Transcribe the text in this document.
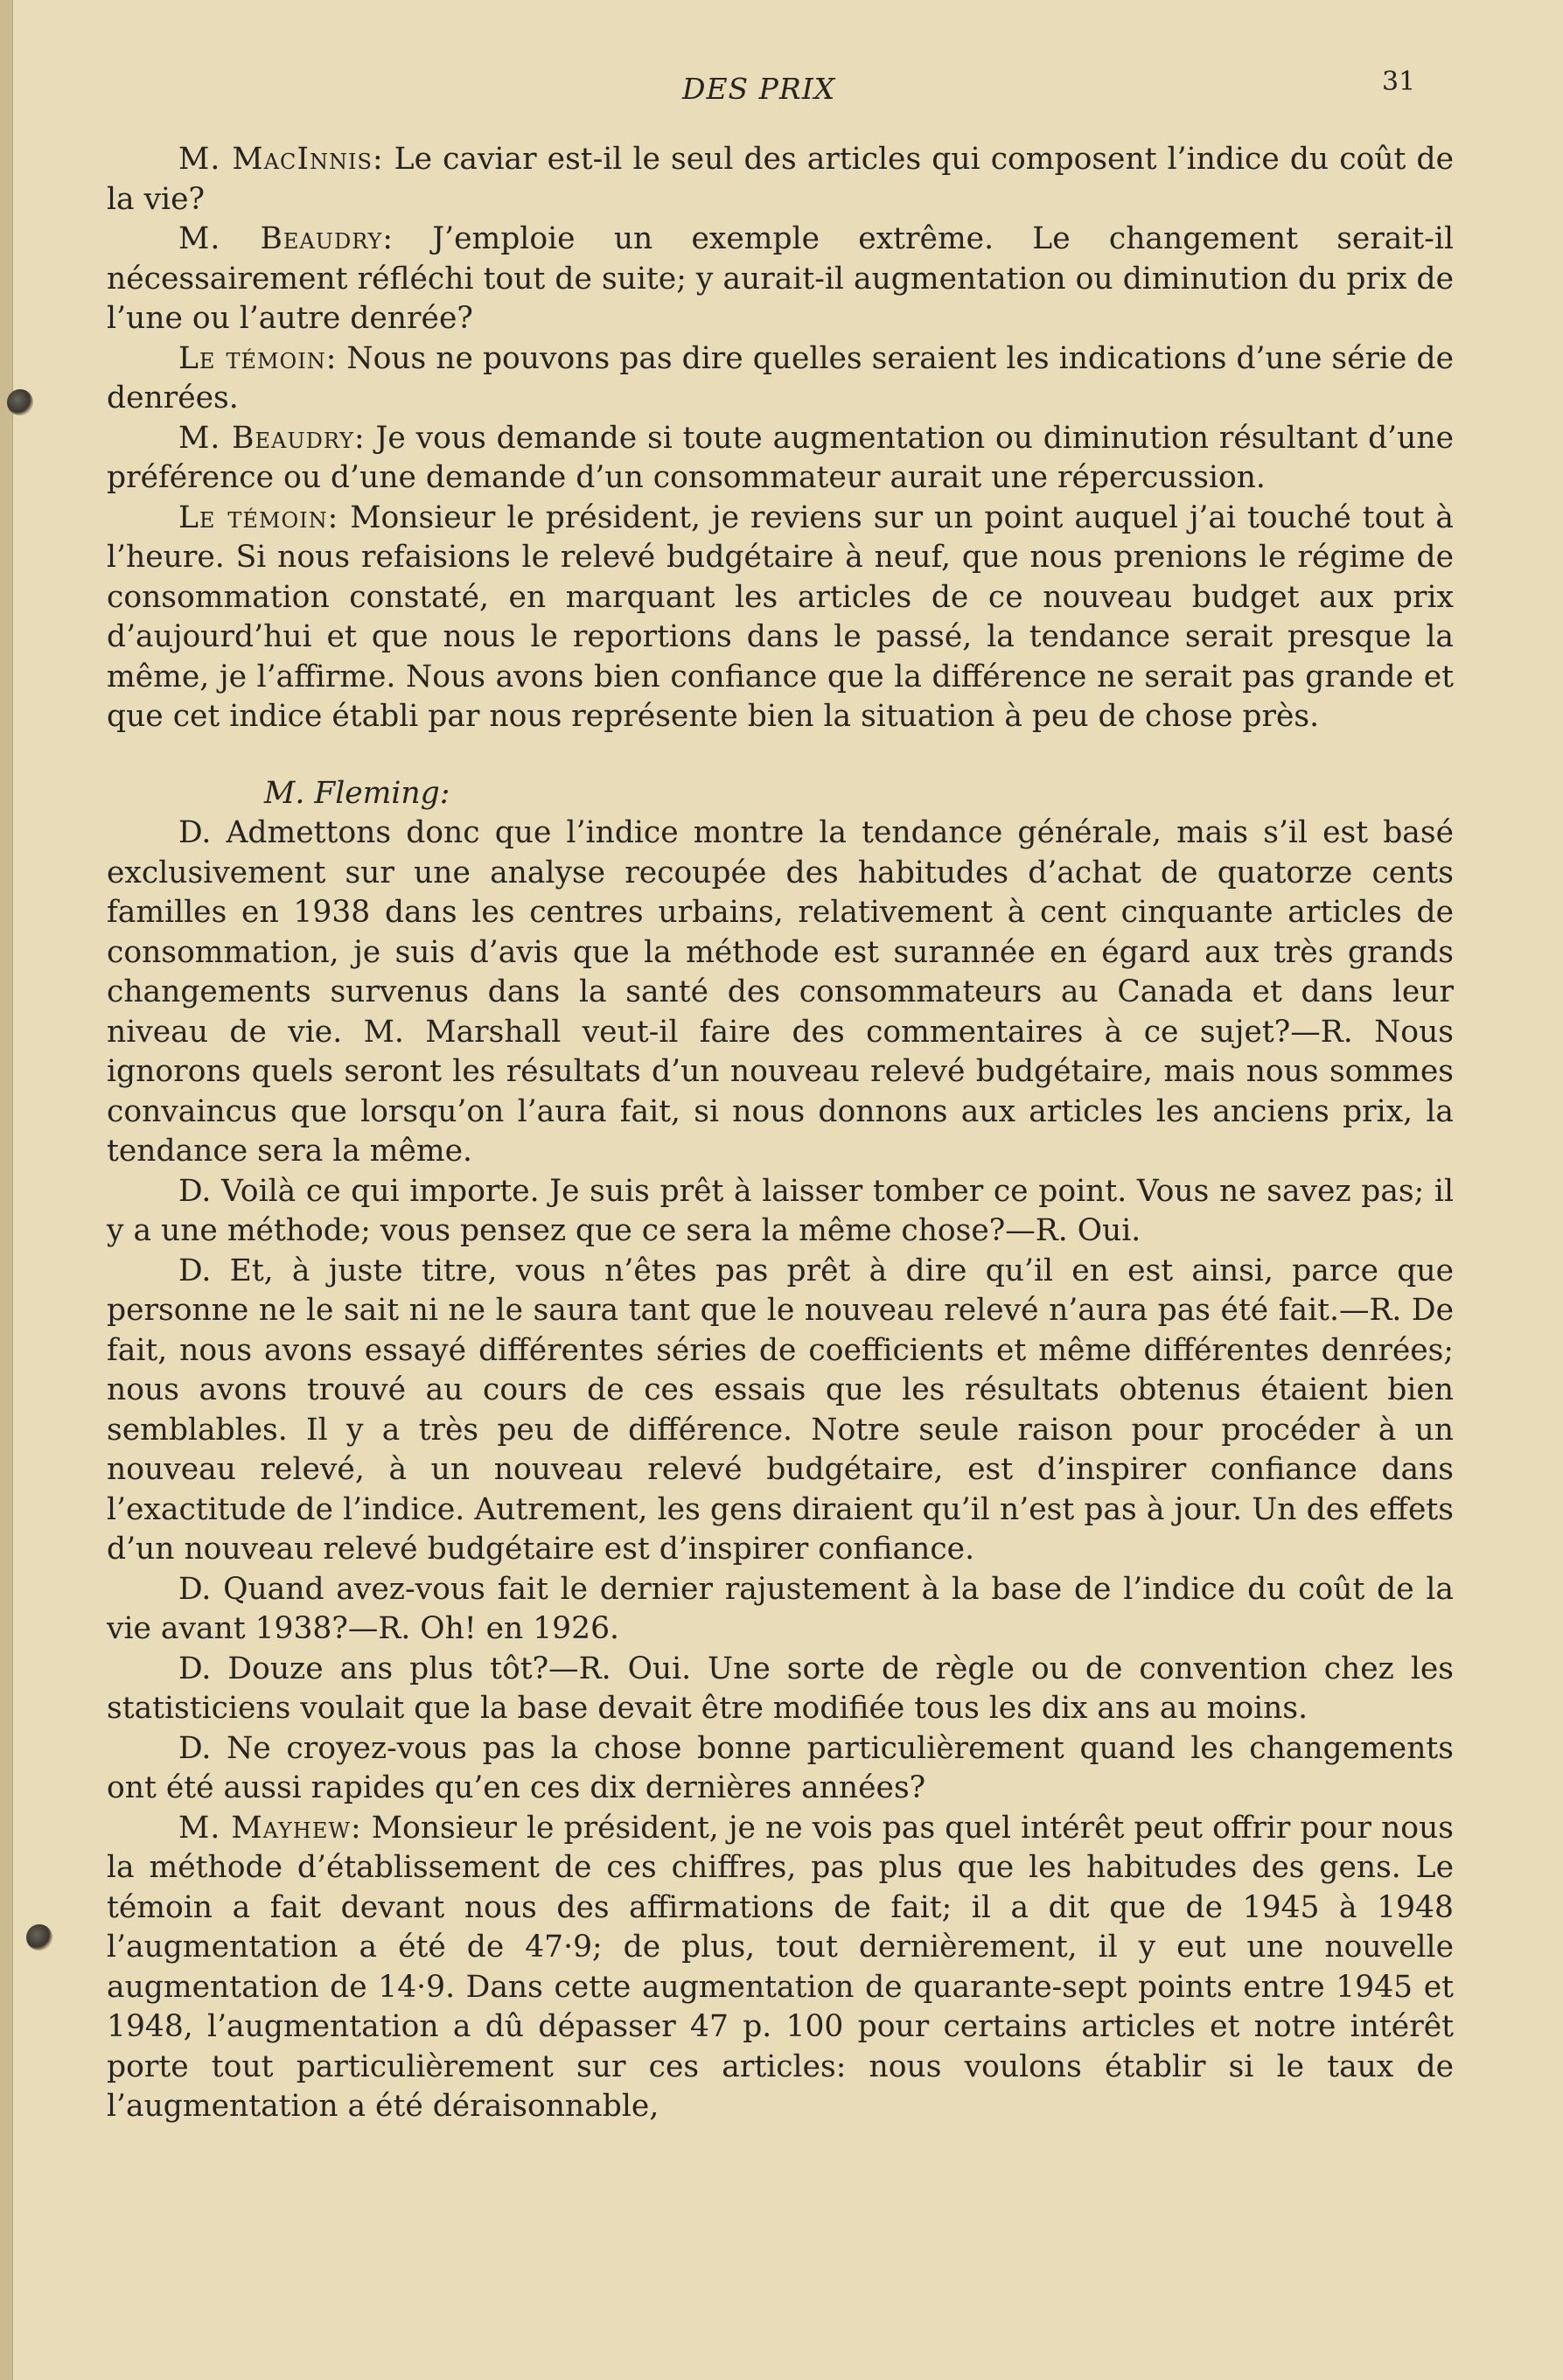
DES PRIX	31

M. MacInnis: Le caviar est-il le seul des articles qui composent l’indice du coût de la vie?

M. Beaudry: J’emploie un exemple extrême. Le changement serait-il nécessairement réfléchi tout de suite; y aurait-il augmentation ou diminution du prix de l’une ou l’autre denrée?

Le témoin: Nous ne pouvons pas dire quelles seraient les indications d’une série de denrées.

M. Beaudry: Je vous demande si toute augmentation ou diminution résultant d’une préférence ou d’une demande d’un consommateur aurait une répercussion.

Le témoin: Monsieur le président, je reviens sur un point auquel j’ai touché tout à l’heure. Si nous refaisions le relevé budgétaire à neuf, que nous prenions le régime de consommation constaté, en marquant les articles de ce nouveau budget aux prix d’aujourd’hui et que nous le reportions dans le passé, la tendance serait presque la même, je l’affirme. Nous avons bien confiance que la différence ne serait pas grande et que cet indice établi par nous représente bien la situation à peu de chose près.

M. Fleming:

D. Admettons donc que l’indice montre la tendance générale, mais s’il est basé exclusivement sur une analyse recoupée des habitudes d’achat de quatorze cents familles en 1938 dans les centres urbains, relativement à cent cinquante articles de consommation, je suis d’avis que la méthode est surannée en égard aux très grands changements survenus dans la santé des consommateurs au Canada et dans leur niveau de vie. M. Marshall veut-il faire des commentaires à ce sujet?—R. Nous ignorons quels seront les résultats d’un nouveau relevé budgétaire, mais nous sommes convaincus que lorsqu’on l’aura fait, si nous donnons aux articles les anciens prix, la tendance sera la même.

D. Voilà ce qui importe. Je suis prêt à laisser tomber ce point. Vous ne savez pas; il y a une méthode; vous pensez que ce sera la même chose?—R. Oui.

D. Et, à juste titre, vous n’êtes pas prêt à dire qu’il en est ainsi, parce que personne ne le sait ni ne le saura tant que le nouveau relevé n’aura pas été fait.—R. De fait, nous avons essayé différentes séries de coefficients et même différentes denrées; nous avons trouvé au cours de ces essais que les résultats obtenus étaient bien semblables. Il y a très peu de différence. Notre seule raison pour procéder à un nouveau relevé, à un nouveau relevé budgétaire, est d’inspirer confiance dans l’exactitude de l’indice. Autrement, les gens diraient qu’il n’est pas à jour. Un des effets d’un nouveau relevé budgétaire est d’inspirer confiance.

D. Quand avez-vous fait le dernier rajustement à la base de l’indice du coût de la vie avant 1938?—R. Oh! en 1926.

D. Douze ans plus tôt?—R. Oui. Une sorte de règle ou de convention chez les statisticiens voulait que la base devait être modifiée tous les dix ans au moins.

D. Ne croyez-vous pas la chose bonne particulièrement quand les changements ont été aussi rapides qu’en ces dix dernières années?

M. Mayhew: Monsieur le président, je ne vois pas quel intérêt peut offrir pour nous la méthode d’établissement de ces chiffres, pas plus que les habitudes des gens. Le témoin a fait devant nous des affirmations de fait; il a dit que de 1945 à 1948 l’augmentation a été de 47·9; de plus, tout dernièrement, il y eut une nouvelle augmentation de 14·9. Dans cette augmentation de quarante-sept points entre 1945 et 1948, l’augmentation a dû dépasser 47 p. 100 pour certains articles et notre intérêt porte tout particulièrement sur ces articles: nous voulons établir si le taux de l’augmentation a été déraisonnable,
